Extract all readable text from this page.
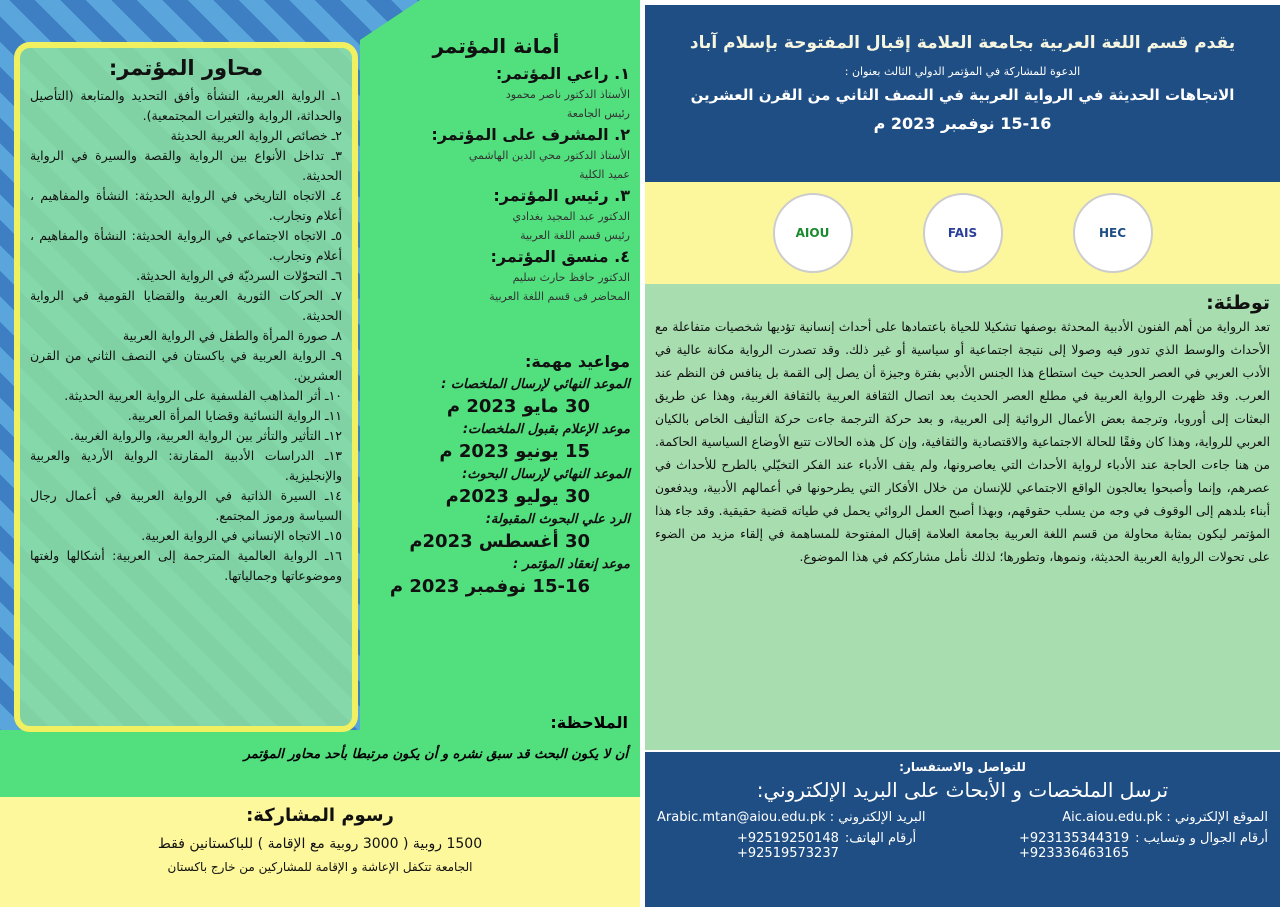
محاور المؤتمر:
١ـ الرواية العربية، النشأة وأفق التحديد والمتابعة (التأصيل والحداثة، الرواية والتغيرات المجتمعية).
٢ـ خصائص الرواية العربية الحديثة
٣ـ تداخل الأنواع بين الرواية والقصة والسيرة في الرواية الحديثة.
٤ـ الاتجاه التاريخي في الرواية الحديثة: النشأة والمفاهيم ، أعلام وتجارب.
٥ـ الاتجاه الاجتماعي في الرواية الحديثة: النشأة والمفاهيم ، أعلام وتجارب.
٦ـ التحوّلات السرديّة في الرواية الحديثة.
٧ـ الحركات الثورية العربية والقضايا القومية في الرواية الحديثة.
٨ـ صورة المرأة والطفل في الرواية العربية
٩ـ الرواية العربية في باكستان في النصف الثاني من القرن العشرين.
١٠ـ أثر المذاهب الفلسفية على الرواية العربية الحديثة.
١١ـ الرواية النسائية وقضايا المرأة العربية.
١٢ـ التأثير والتأثر بين الرواية العربية، والرواية الغربية.
١٣ـ الدراسات الأدبية المقارنة: الرواية الأردية والعربية والإنجليزية.
١٤ـ السيرة الذاتية في الرواية العربية في أعمال رجال السياسة ورموز المجتمع.
١٥ـ الاتجاه الإنساني في الرواية العربية.
١٦ـ الرواية العالمية المترجمة إلى العربية: أشكالها ولغتها وموضوعاتها وجمالياتها.
أمانة المؤتمر
١. راعي المؤتمر:
الأستاذ الدكتور ناصر محمود
رئيس الجامعة
٢. المشرف على المؤتمر:
الأستاذ الدكتور محي الدين الهاشمي
عميد الكلية
٣. رئيس المؤتمر:
الدكتور عبد المجيد بغدادي
رئيس قسم اللغة العربية
٤. منسق المؤتمر:
الدكتور حافظ حارث سليم
المحاضر فى قسم اللغة العربية
مواعيد مهمة:
الموعد النهائي لإرسال الملخصات :
30 مايو 2023 م
موعد الإعلام بقبول الملخصات:
15 يونيو 2023 م
الموعد النهائي لإرسال البحوث:
30 يوليو 2023م
الرد علي البحوث المقبولة:
30 أغسطس 2023م
موعد إنعقاد المؤتمر :
15-16 نوفمبر 2023 م
الملاحظة:
أن لا يكون البحث قد سبق نشره و أن يكون مرتبطا بأحد محاور المؤتمر
رسوم المشاركة:
1500 روبية ( 3000 روبية مع الإقامة ) للباكستانين فقط
الجامعة تتكفل الإعاشة و الإقامة للمشاركين من خارج باكستان
يقدم قسم اللغة العربية بجامعة العلامة إقبال المفتوحة بإسلام آباد
الدعوة للمشاركة في المؤتمر الدولي الثالث بعنوان :
الاتجاهات الحديثة في الرواية العربية في النصف الثاني من القرن العشرين
15-16 نوفمبر 2023 م
AIOU	FAIS	HEC
توطئة:

تعد الرواية من أهم الفنون الأدبية المحدثة بوصفها تشكيلا للحياة باعتمادها على أحداث إنسانية تؤديها شخصيات متفاعلة مع الأحداث والوسط الذي تدور فيه وصولا إلى نتيجة اجتماعية أو سياسية أو غير ذلك. وقد تصدرت الرواية مكانة عالية في الأدب العربي في العصر الحديث حيث استطاع هذا الجنس الأدبي بفترة وجيزة أن يصل إلى القمة بل ينافس فن النظم عند العرب. وقد ظهرت الرواية العربية في مطلع العصر الحديث بعد اتصال الثقافة العربية بالثقافة الغربية، وهذا عن طريق البعثات إلى أوروبا، وترجمة بعض الأعمال الروائية إلى العربية، و بعد حركة الترجمة جاءت حركة التأليف الخاص بالكيان العربي للرواية، وهذا كان وفقًا للحالة الاجتماعية والاقتصادية والثقافية، وإن كل هذه الحالات تتبع الأوضاع السياسية الحاكمة. من هنا جاءت الحاجة عند الأدباء لرواية الأحداث التي يعاصرونها، ولم يقف الأدباء عند الفكر التخيّلي بالطرح للأحداث في عصرهم، وإنما وأصبحوا يعالجون الواقع الاجتماعي للإنسان من خلال الأفكار التي يطرحونها في أعمالهم الأدبية، ويدفعون أبناء بلدهم إلى الوقوف في وجه من يسلب حقوقهم، وبهذا أصبح العمل الروائي يحمل في طياته قضية حقيقية. وقد جاء هذا المؤتمر ليكون بمثابة محاولة من قسم اللغة العربية بجامعة العلامة إقبال المفتوحة للمساهمة في إلقاء مزيد من الضوء على تحولات الرواية العربية الحديثة، ونموها، وتطورها؛ لذلك نأمل مشارككم في هذا الموضوع.

للتواصل والاستفسار:
ترسل الملخصات و الأبحاث على البريد الإلكتروني:
الموقع الإلكتروني : Aic.aiou.edu.pk
البريد الإلكتروني : Arabic.mtan@aiou.edu.pk
أرقام الجوال و وتسايب :
+923135344319
+923336463165
أرقام الهاتف:
+92519250148
+92519573237
